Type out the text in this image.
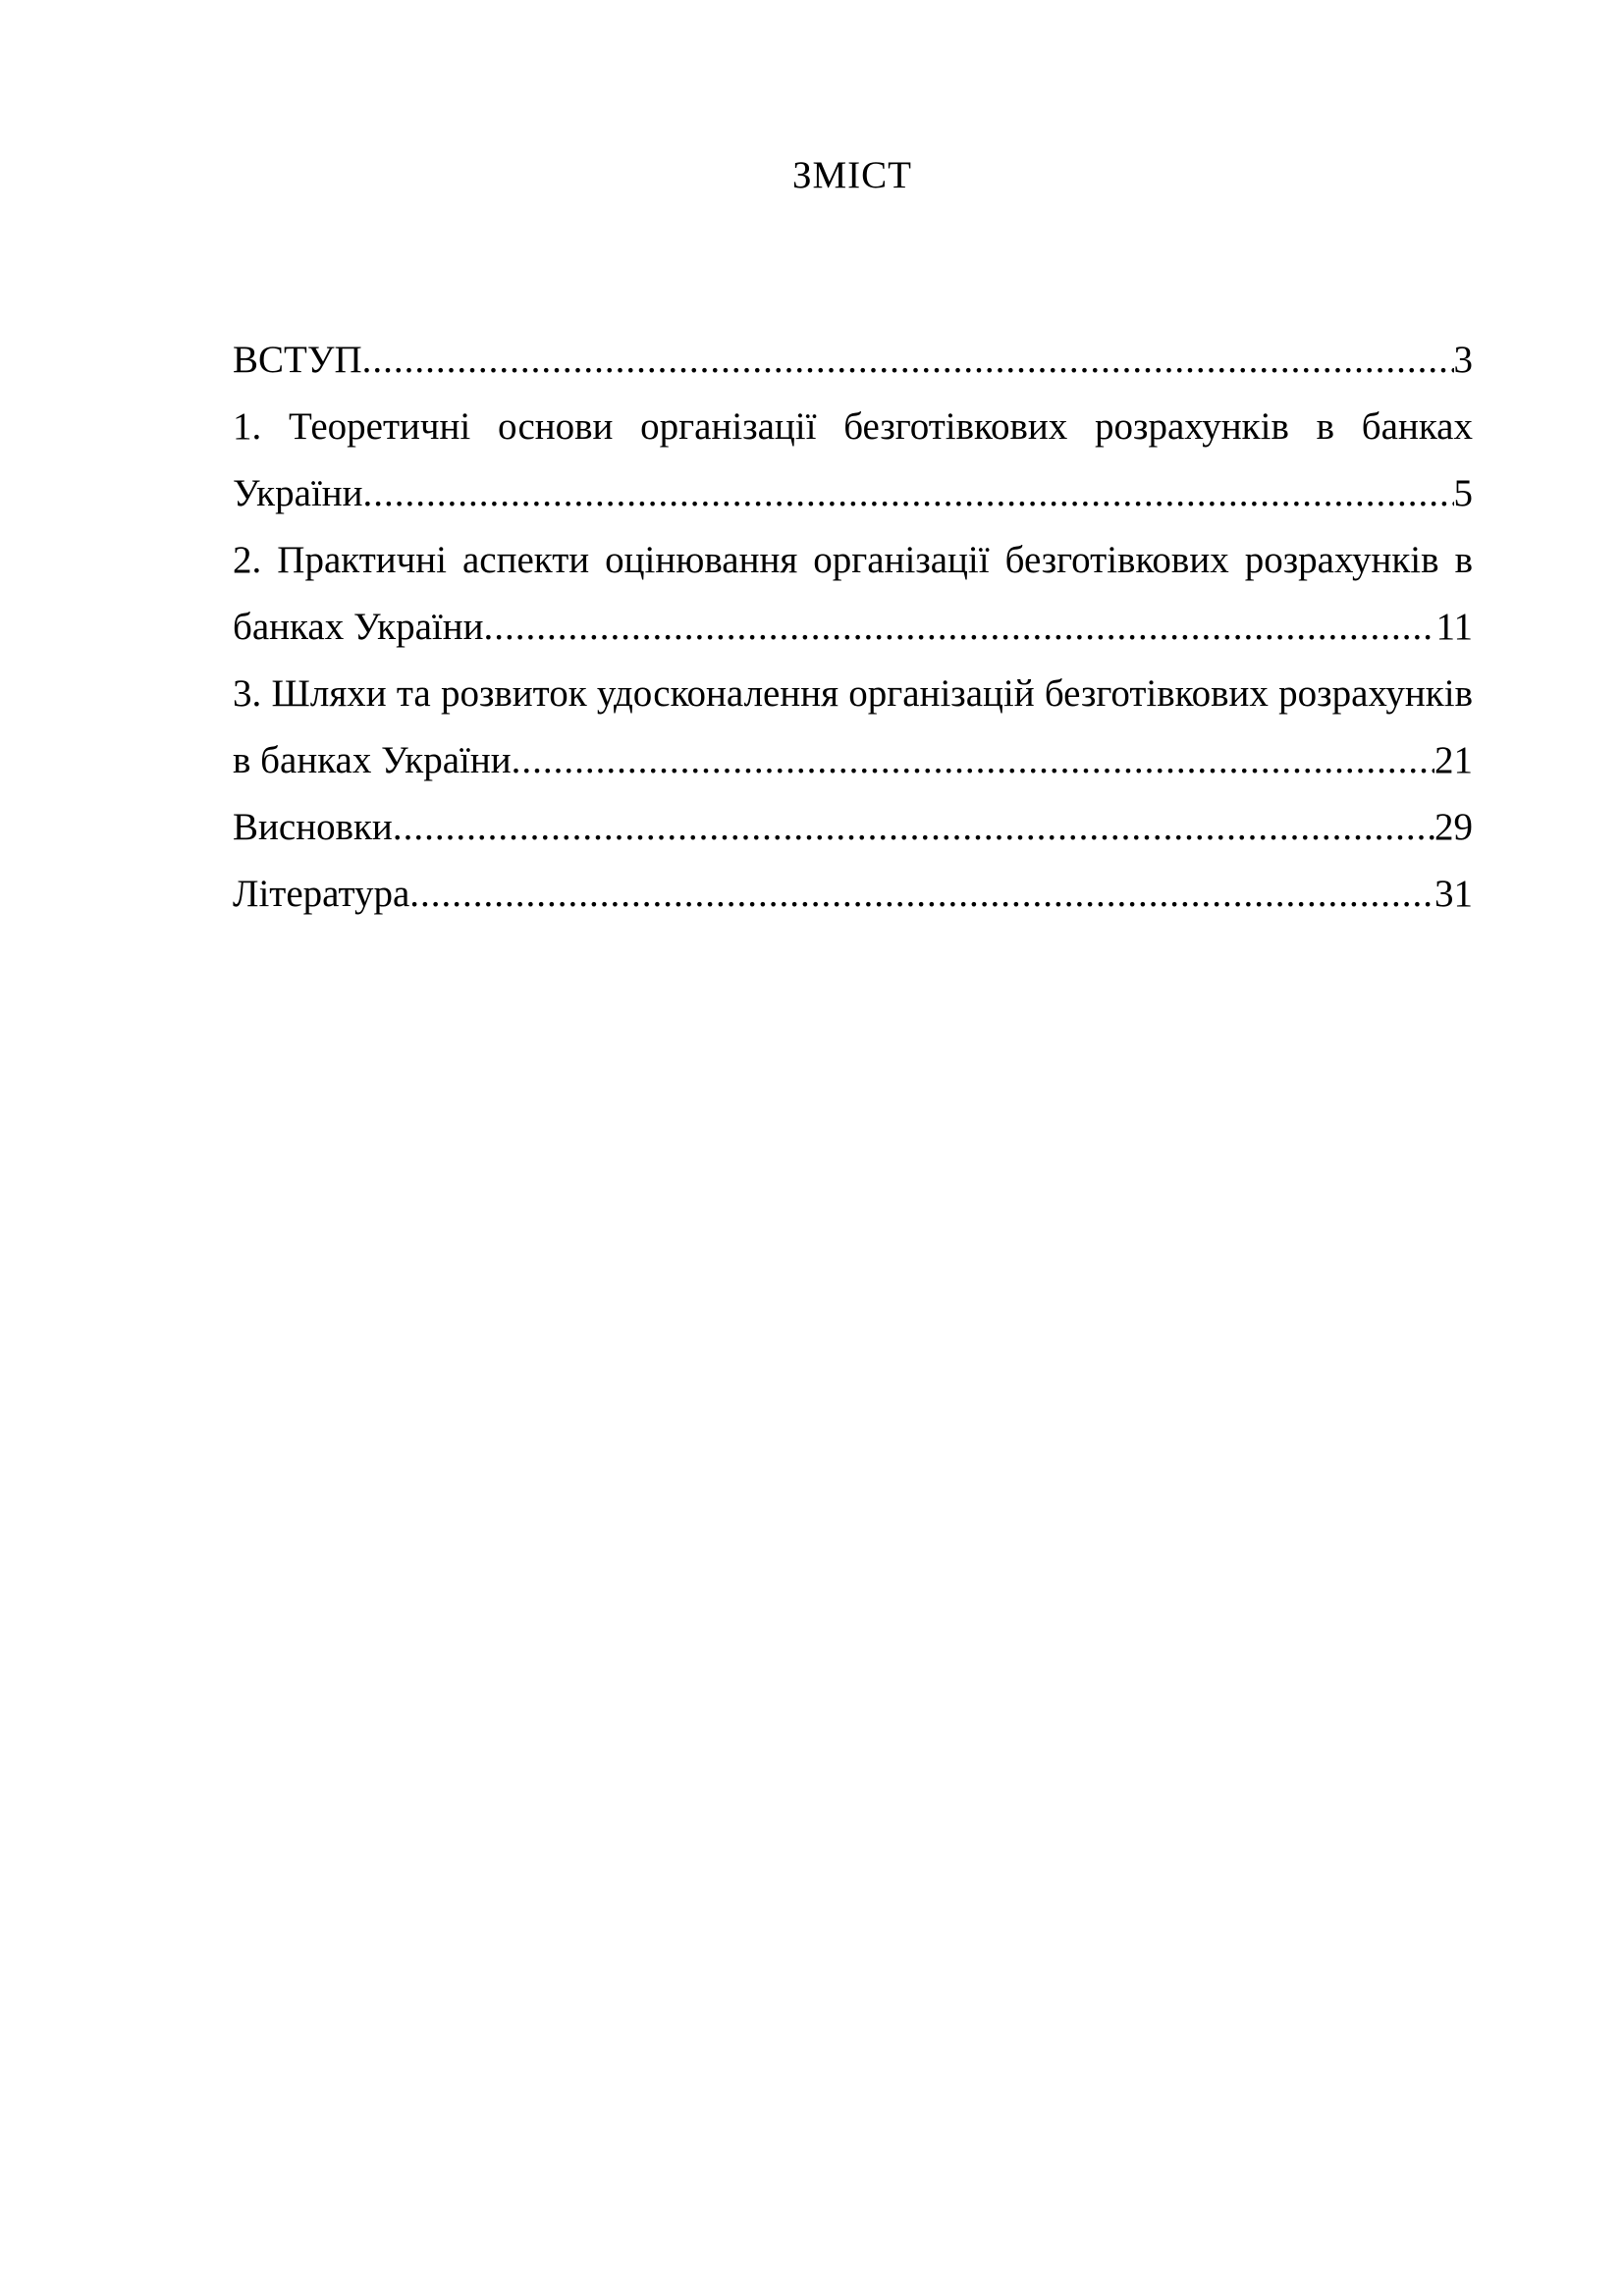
ЗМІСТ
ВСТУП .....	3
1. Теоретичні основи організації безготівкових розрахунків в банках
України .....	5
2. Практичні аспекти оцінювання організації безготівкових розрахунків в
банках України .....	11
3. Шляхи та розвиток удосконалення організацій безготівкових розрахунків
в банках України .....	21
Висновки .....	29
Література .....	31
